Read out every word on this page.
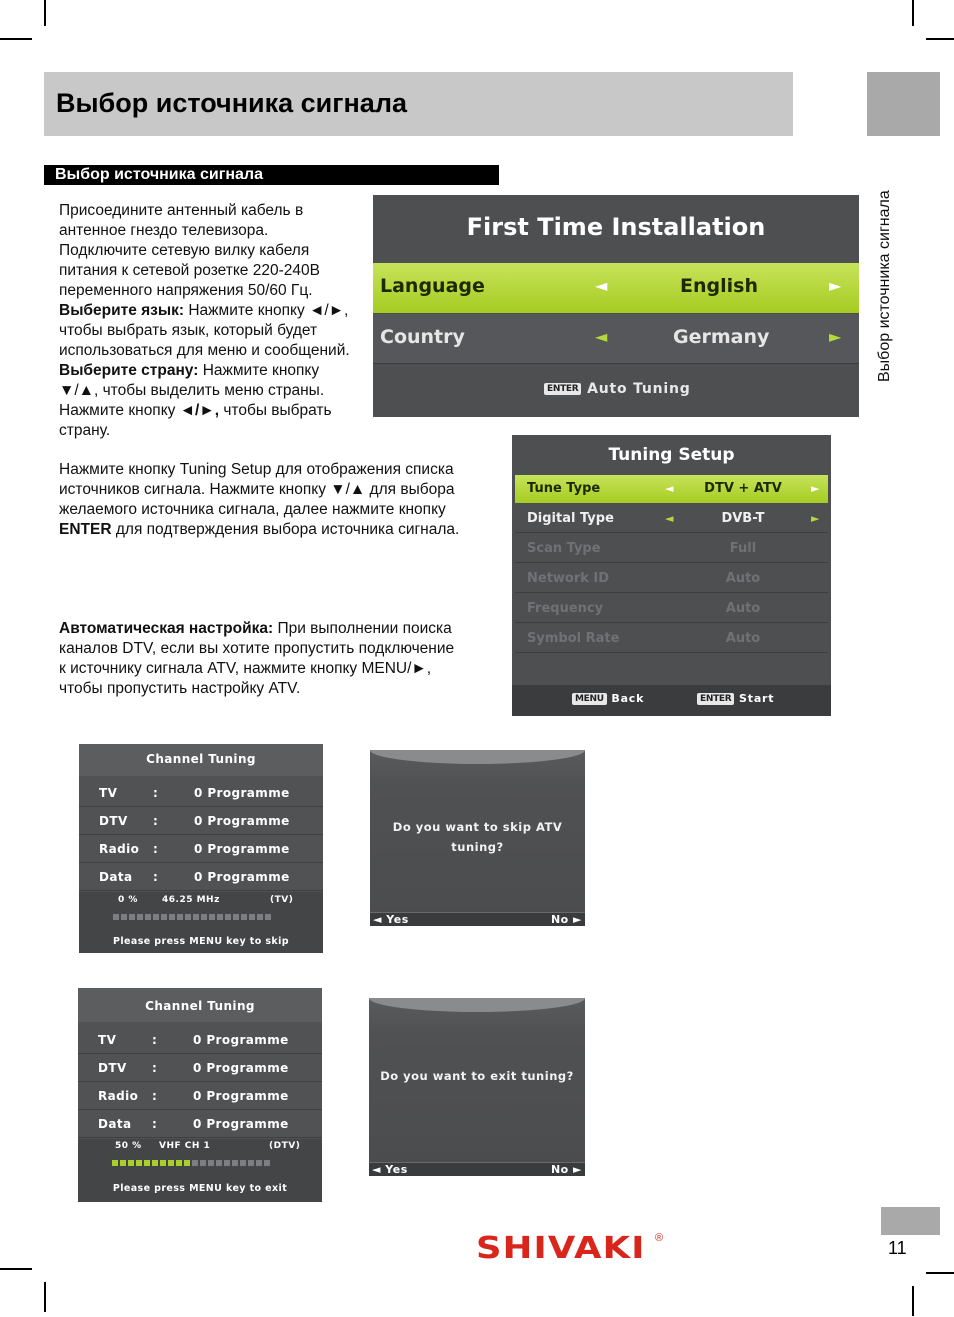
Выбор источника сигнала
Выбор источника сигнала
Выбор источника сигнала
Присоедините антенный кабель в
антенное гнездо телевизора.
Подключите сетевую вилку кабеля
питания к сетевой розетке 220-240В
переменного напряжения 50/60 Гц.
Выберите язык: Нажмите кнопку ◄/►,
чтобы выбрать язык, который будет
использоваться для меню и сообщений.
Выберите страну: Нажмите кнопку
▼/▲, чтобы выделить меню страны.
Нажмите кнопку ◄/►, чтобы выбрать
страну.
Нажмите кнопку Tuning Setup для отображения списка
источников сигнала. Нажмите кнопку ▼/▲ для выбора
желаемого источника сигнала, далее нажмите кнопку
ENTER для подтверждения выбора источника сигнала.
Автоматическая настройка: При выполнении поиска
каналов DTV, если вы хотите пропустить подключение
к источнику сигнала ATV, нажмите кнопку MENU/►,
чтобы пропустить настройку ATV.
First Time Installation
Language	◄	English	►
Country	◄	Germany	►
ENTER Auto Tuning
Tuning Setup
Tune Type	◄	DTV + ATV	►
Digital Type	◄	DVB-T	►
Scan Type	Full
Network ID	Auto
Frequency	Auto
Symbol Rate	Auto
MENU Back	ENTER Start
Channel Tuning
TV	:	0 Programme
DTV :	0 Programme
Radio :	0 Programme
Data :	0 Programme
0 %	46.25 MHz	(TV)
Please press MENU key to skip
Do you want to skip ATV
tuning?
◄ Yes	No ►
Channel Tuning
TV	:	0 Programme
DTV :	0 Programme
Radio :	0 Programme
Data :	0 Programme
50 % VHF CH 1	(DTV)
Please press MENU key to exit
Do you want to exit tuning?
◄ Yes	No ►
SHIVAKI ®	11
